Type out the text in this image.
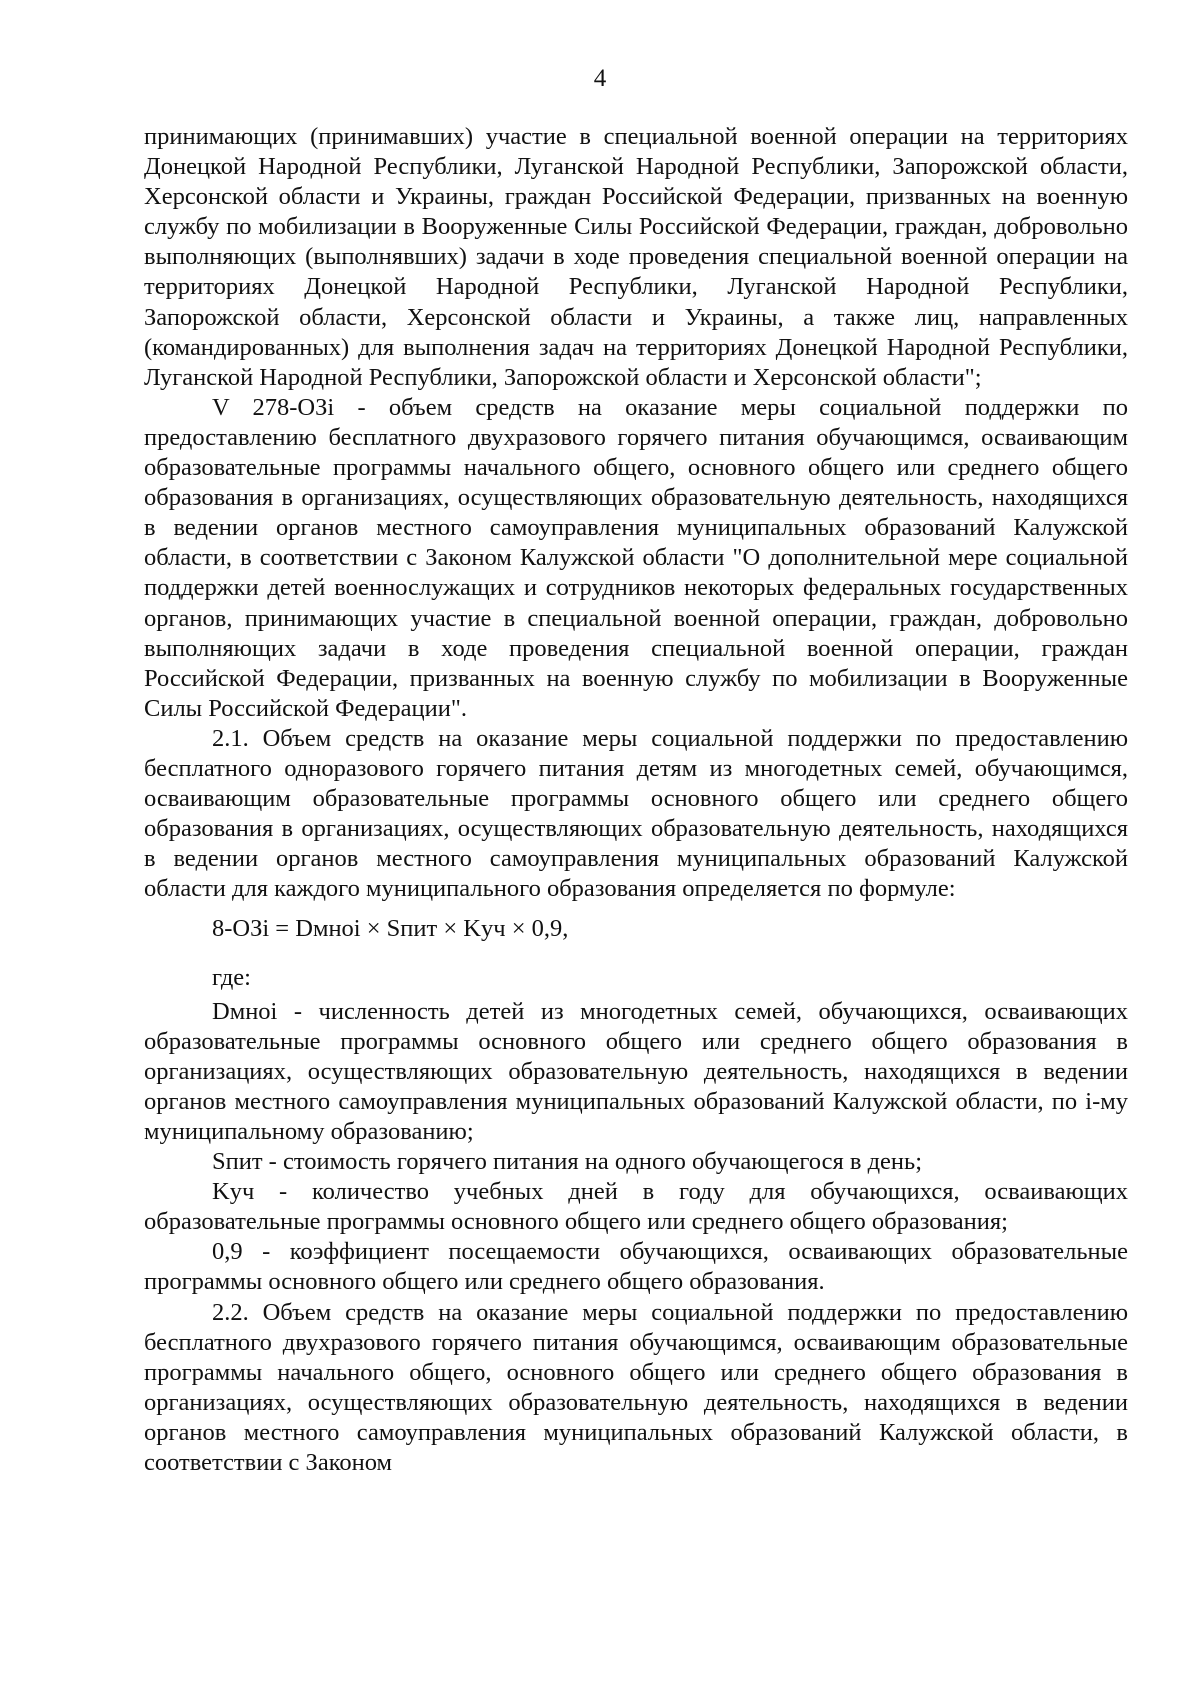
4

принимающих (принимавших) участие в специальной военной операции на территориях Донецкой Народной Республики, Луганской Народной Республики, Запорожской области, Херсонской области и Украины, граждан Российской Федерации, призванных на военную службу по мобилизации в Вооруженные Силы Российской Федерации, граждан, добровольно выполняющих (выполнявших) задачи в ходе проведения специальной военной операции на территориях Донецкой Народной Республики, Луганской Народной Республики, Запорожской области, Херсонской области и Украины, а также лиц, направленных (командированных) для выполнения задач на территориях Донецкой Народной Республики, Луганской Народной Республики, Запорожской области и Херсонской области";

V 278-ОЗі - объем средств на оказание меры социальной поддержки по предоставлению бесплатного двухразового горячего питания обучающимся, осваивающим образовательные программы начального общего, основного общего или среднего общего образования в организациях, осуществляющих образовательную деятельность, находящихся в ведении органов местного самоуправления муниципальных образований Калужской области, в соответствии с Законом Калужской области "О дополнительной мере социальной поддержки детей военнослужащих и сотрудников некоторых федеральных государственных органов, принимающих участие в специальной военной операции, граждан, добровольно выполняющих задачи в ходе проведения специальной военной операции, граждан Российской Федерации, призванных на военную службу по мобилизации в Вооруженные Силы Российской Федерации".

2.1. Объем средств на оказание меры социальной поддержки по предоставлению бесплатного одноразового горячего питания детям из многодетных семей, обучающимся, осваивающим образовательные программы основного общего или среднего общего образования в организациях, осуществляющих образовательную деятельность, находящихся в ведении органов местного самоуправления муниципальных образований Калужской области для каждого муниципального образования определяется по формуле:

8-ОЗі = Dмноі × Sпит × Kуч × 0,9,

где:

Dмноі - численность детей из многодетных семей, обучающихся, осваивающих образовательные программы основного общего или среднего общего образования в организациях, осуществляющих образовательную деятельность, находящихся в ведении органов местного самоуправления муниципальных образований Калужской области, по і-му муниципальному образованию;

Sпит - стоимость горячего питания на одного обучающегося в день;

Kуч - количество учебных дней в году для обучающихся, осваивающих образовательные программы основного общего или среднего общего образования;

0,9 - коэффициент посещаемости обучающихся, осваивающих образовательные программы основного общего или среднего общего образования.

2.2. Объем средств на оказание меры социальной поддержки по предоставлению бесплатного двухразового горячего питания обучающимся, осваивающим образовательные программы начального общего, основного общего или среднего общего образования в организациях, осуществляющих образовательную деятельность, находящихся в ведении органов местного самоуправления муниципальных образований Калужской области, в соответствии с Законом
